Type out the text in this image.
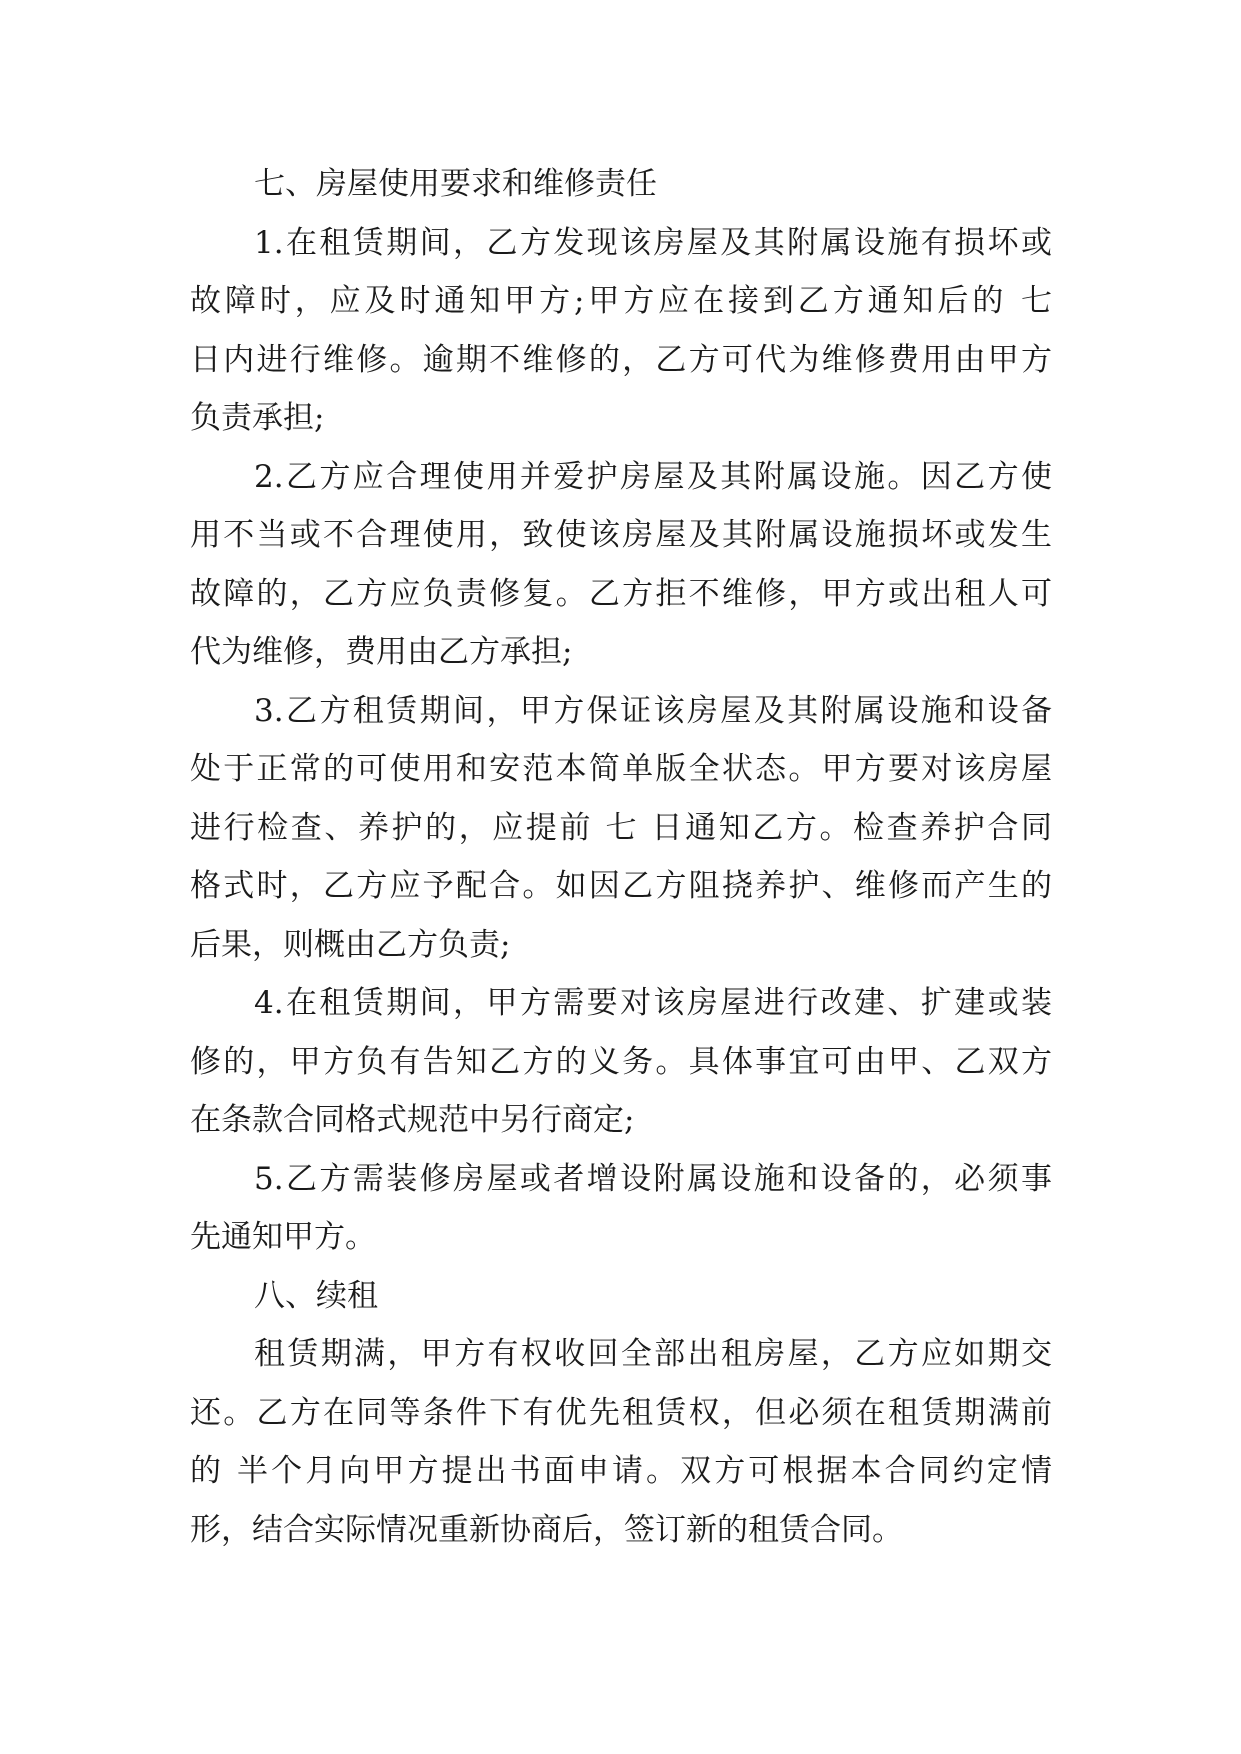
七、房屋使用要求和维修责任
1.在租赁期间，乙方发现该房屋及其附属设施有损坏或
故障时，应及时通知甲方;甲方应在接到乙方通知后的 七
日内进行维修。逾期不维修的，乙方可代为维修费用由甲方
负责承担;
2.乙方应合理使用并爱护房屋及其附属设施。因乙方使
用不当或不合理使用，致使该房屋及其附属设施损坏或发生
故障的，乙方应负责修复。乙方拒不维修，甲方或出租人可
代为维修，费用由乙方承担;
3.乙方租赁期间，甲方保证该房屋及其附属设施和设备
处于正常的可使用和安范本简单版全状态。甲方要对该房屋
进行检查、养护的，应提前 七 日通知乙方。检查养护合同
格式时，乙方应予配合。如因乙方阻挠养护、维修而产生的
后果，则概由乙方负责;
4.在租赁期间，甲方需要对该房屋进行改建、扩建或装
修的，甲方负有告知乙方的义务。具体事宜可由甲、乙双方
在条款合同格式规范中另行商定;
5.乙方需装修房屋或者增设附属设施和设备的，必须事
先通知甲方。
八、续租
租赁期满，甲方有权收回全部出租房屋，乙方应如期交
还。乙方在同等条件下有优先租赁权，但必须在租赁期满前
的 半个月向甲方提出书面申请。双方可根据本合同约定情
形，结合实际情况重新协商后，签订新的租赁合同。
